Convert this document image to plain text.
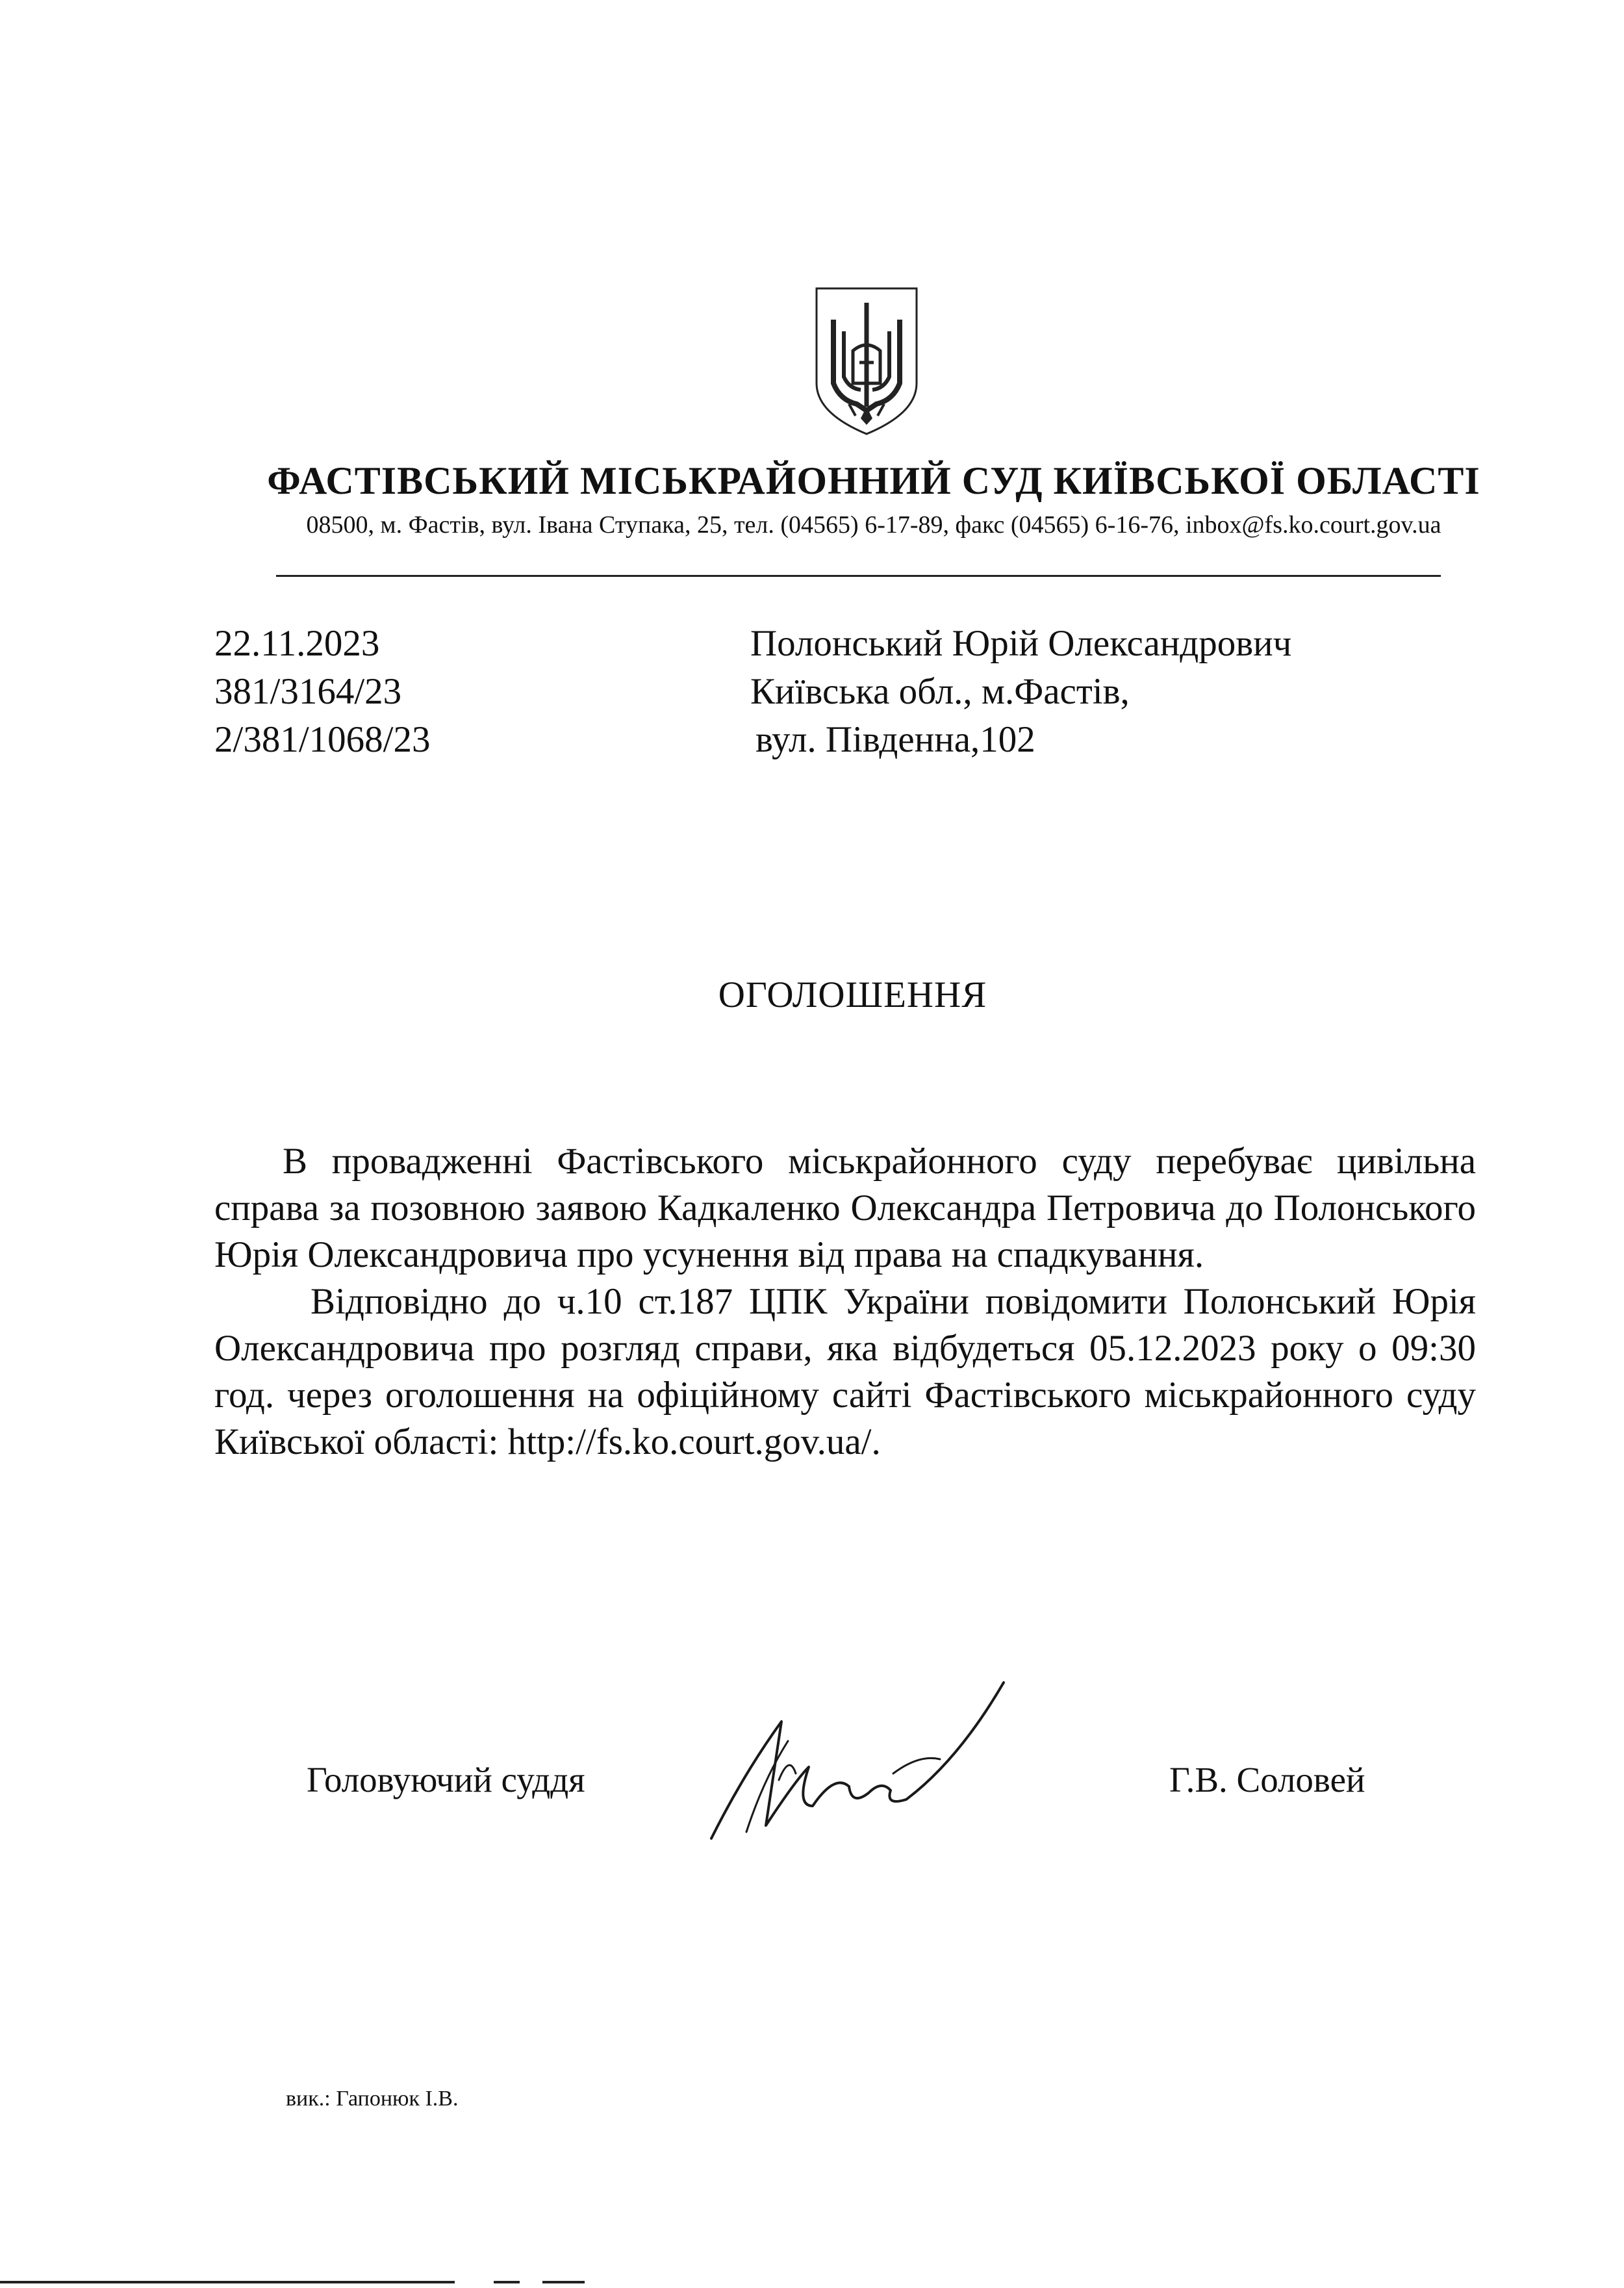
ФАСТІВСЬКИЙ МІСЬКРАЙОННИЙ СУД КИЇВСЬКОЇ ОБЛАСТІ
08500, м. Фастів, вул. Івана Ступака, 25, тел. (04565) 6-17-89, факс (04565) 6-16-76, inbox@fs.ko.court.gov.ua
22.11.2023
381/3164/23
2/381/1068/23
Полонський Юрій Олександрович
Київська обл., м.Фастів,
вул. Південна,102
ОГОЛОШЕННЯ
В провадженні Фастівського міськрайонного суду перебуває цивільна справа за позовною заявою Кадкаленко Олександра Петровича до Полонського Юрія Олександровича про усунення від права на спадкування.
Відповідно до ч.10 ст.187 ЦПК України повідомити Полонський Юрія Олександровича про розгляд справи, яка відбудеться 05.12.2023 року о 09:30 год. через оголошення на офіційному сайті Фастівського міськрайонного суду Київської області: http://fs.ko.court.gov.ua/.
Головуючий суддя	Г.В. Соловей
вик.: Гапонюк І.В.
